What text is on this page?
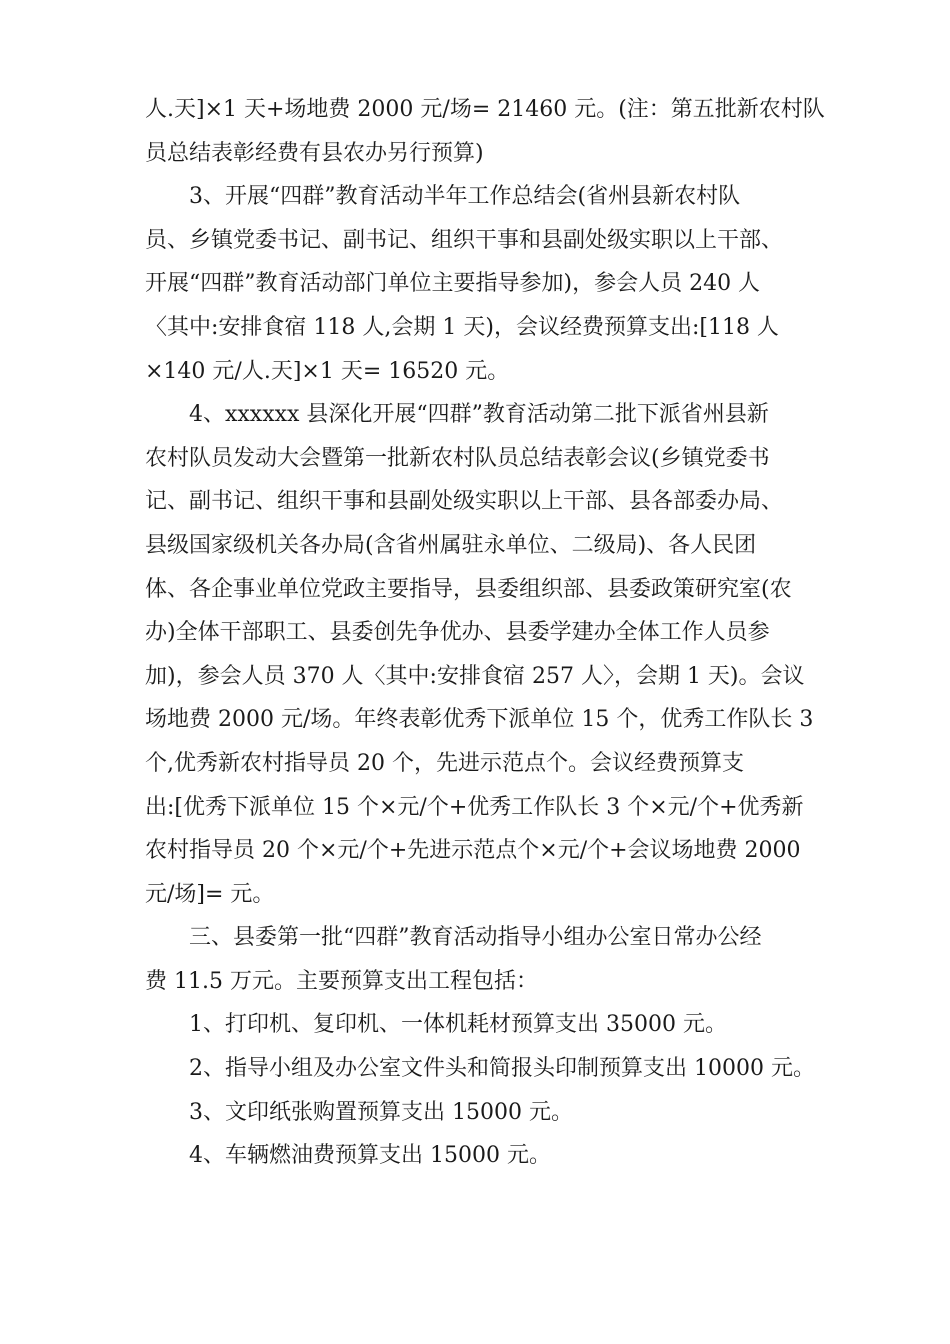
人.天]×1 天+场地费 2000 元/场= 21460 元。(注：第五批新农村队
员总结表彰经费有县农办另行预算)
3、开展“四群”教育活动半年工作总结会(省州县新农村队
员、乡镇党委书记、副书记、组织干事和县副处级实职以上干部、
开展“四群”教育活动部门单位主要指导参加)，参会人员 240 人
〈其中:安排食宿 118 人,会期 1 天)，会议经费预算支出:[118 人
×140 元/人.天]×1 天= 16520 元。
4、xxxxxx 县深化开展“四群”教育活动第二批下派省州县新
农村队员发动大会暨第一批新农村队员总结表彰会议(乡镇党委书
记、副书记、组织干事和县副处级实职以上干部、县各部委办局、
县级国家级机关各办局(含省州属驻永单位、二级局)、各人民团
体、各企事业单位党政主要指导，县委组织部、县委政策研究室(农
办)全体干部职工、县委创先争优办、县委学建办全体工作人员参
加)，参会人员 370 人〈其中:安排食宿 257 人〉，会期 1 天)。会议
场地费 2000 元/场。年终表彰优秀下派单位 15 个，优秀工作队长 3
个,优秀新农村指导员 20 个，先进示范点个。会议经费预算支
出:[优秀下派单位 15 个×元/个+优秀工作队长 3 个×元/个+优秀新
农村指导员 20 个×元/个+先进示范点个×元/个+会议场地费 2000
元/场]= 元。
三、县委第一批“四群”教育活动指导小组办公室日常办公经
费 11.5 万元。主要预算支出工程包括：
1、打印机、复印机、一体机耗材预算支出 35000 元。
2、指导小组及办公室文件头和简报头印制预算支出 10000 元。
3、文印纸张购置预算支出 15000 元。
4、车辆燃油费预算支出 15000 元。
